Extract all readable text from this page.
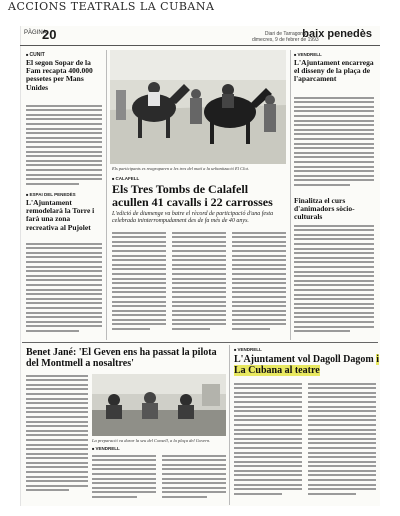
ACCIONS TEATRALS LA CUBANA
PÀGINA
20	Diari de Tarragona
dimecres, 9 de febrer de 1993
baix penedès
■ CUNIT
El segon Sopar de la Fam recapta 400.000 pessetes per Mans Unides
■ ESPAI DEL PENEDÈS
L'Ajuntament remodelarà la Torre i farà una zona recreativa al Pujolet
Els participants es reagruparen a les tres del matí a la urbanització El Clot.
■ CALAFELL
Els Tres Tombs de Calafell acullen 41 cavalls i 22 carrosses
L'edició de diumenge va batre el rècord de participació d'una festa celebrada ininterrompudament des de fa més de 40 anys.
■ VENDRELL
L'Ajuntament encarrega el disseny de la plaça de l'aparcament
Finalitza el curs d'animadors sòcio-culturals
Benet Jané: 'El Geven ens ha passat la pilota del Montmell a nosaltres'
La preparació va durar la seu del Consell, a la plaça del Govern.
■ VENDRELL
■ VENDRELL
L'Ajuntament vol Dagoll Dagom i La Cubana al teatre
